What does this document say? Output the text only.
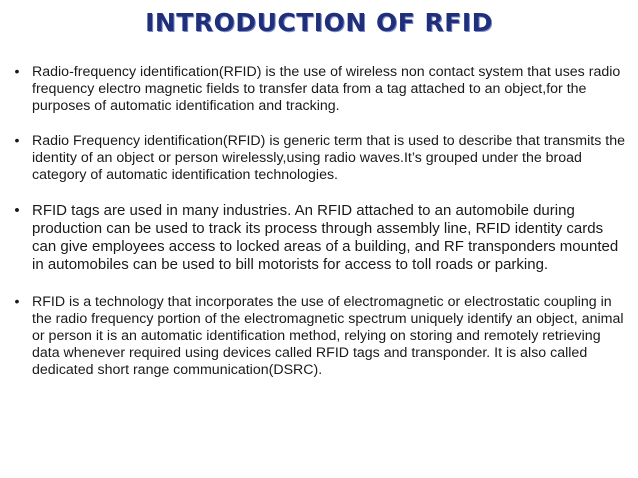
INTRODUCTION OF RFID
• Radio-frequency identification(RFID) is the use of wireless non contact system that uses radio frequency electro magnetic fields to transfer data from a tag attached to an object,for the purposes of automatic identification and tracking.
• Radio Frequency identification(RFID) is generic term that is used to describe that transmits the identity of an object or person wirelessly,using radio waves.It’s grouped under the broad category of automatic identification technologies.
• RFID tags are used in many industries. An RFID attached to an automobile during production can be used to track its process through assembly line, RFID identity cards can give employees access to locked areas of a building, and RF transponders mounted in automobiles can be used to bill motorists for access to toll roads or parking.
• RFID is a technology that incorporates the use of electromagnetic or electrostatic coupling in the radio frequency portion of the electromagnetic spectrum uniquely identify an object, animal or person it is an automatic identification method, relying on storing and remotely retrieving data whenever required using devices called RFID tags and transponder. It is also called dedicated short range communication(DSRC).
